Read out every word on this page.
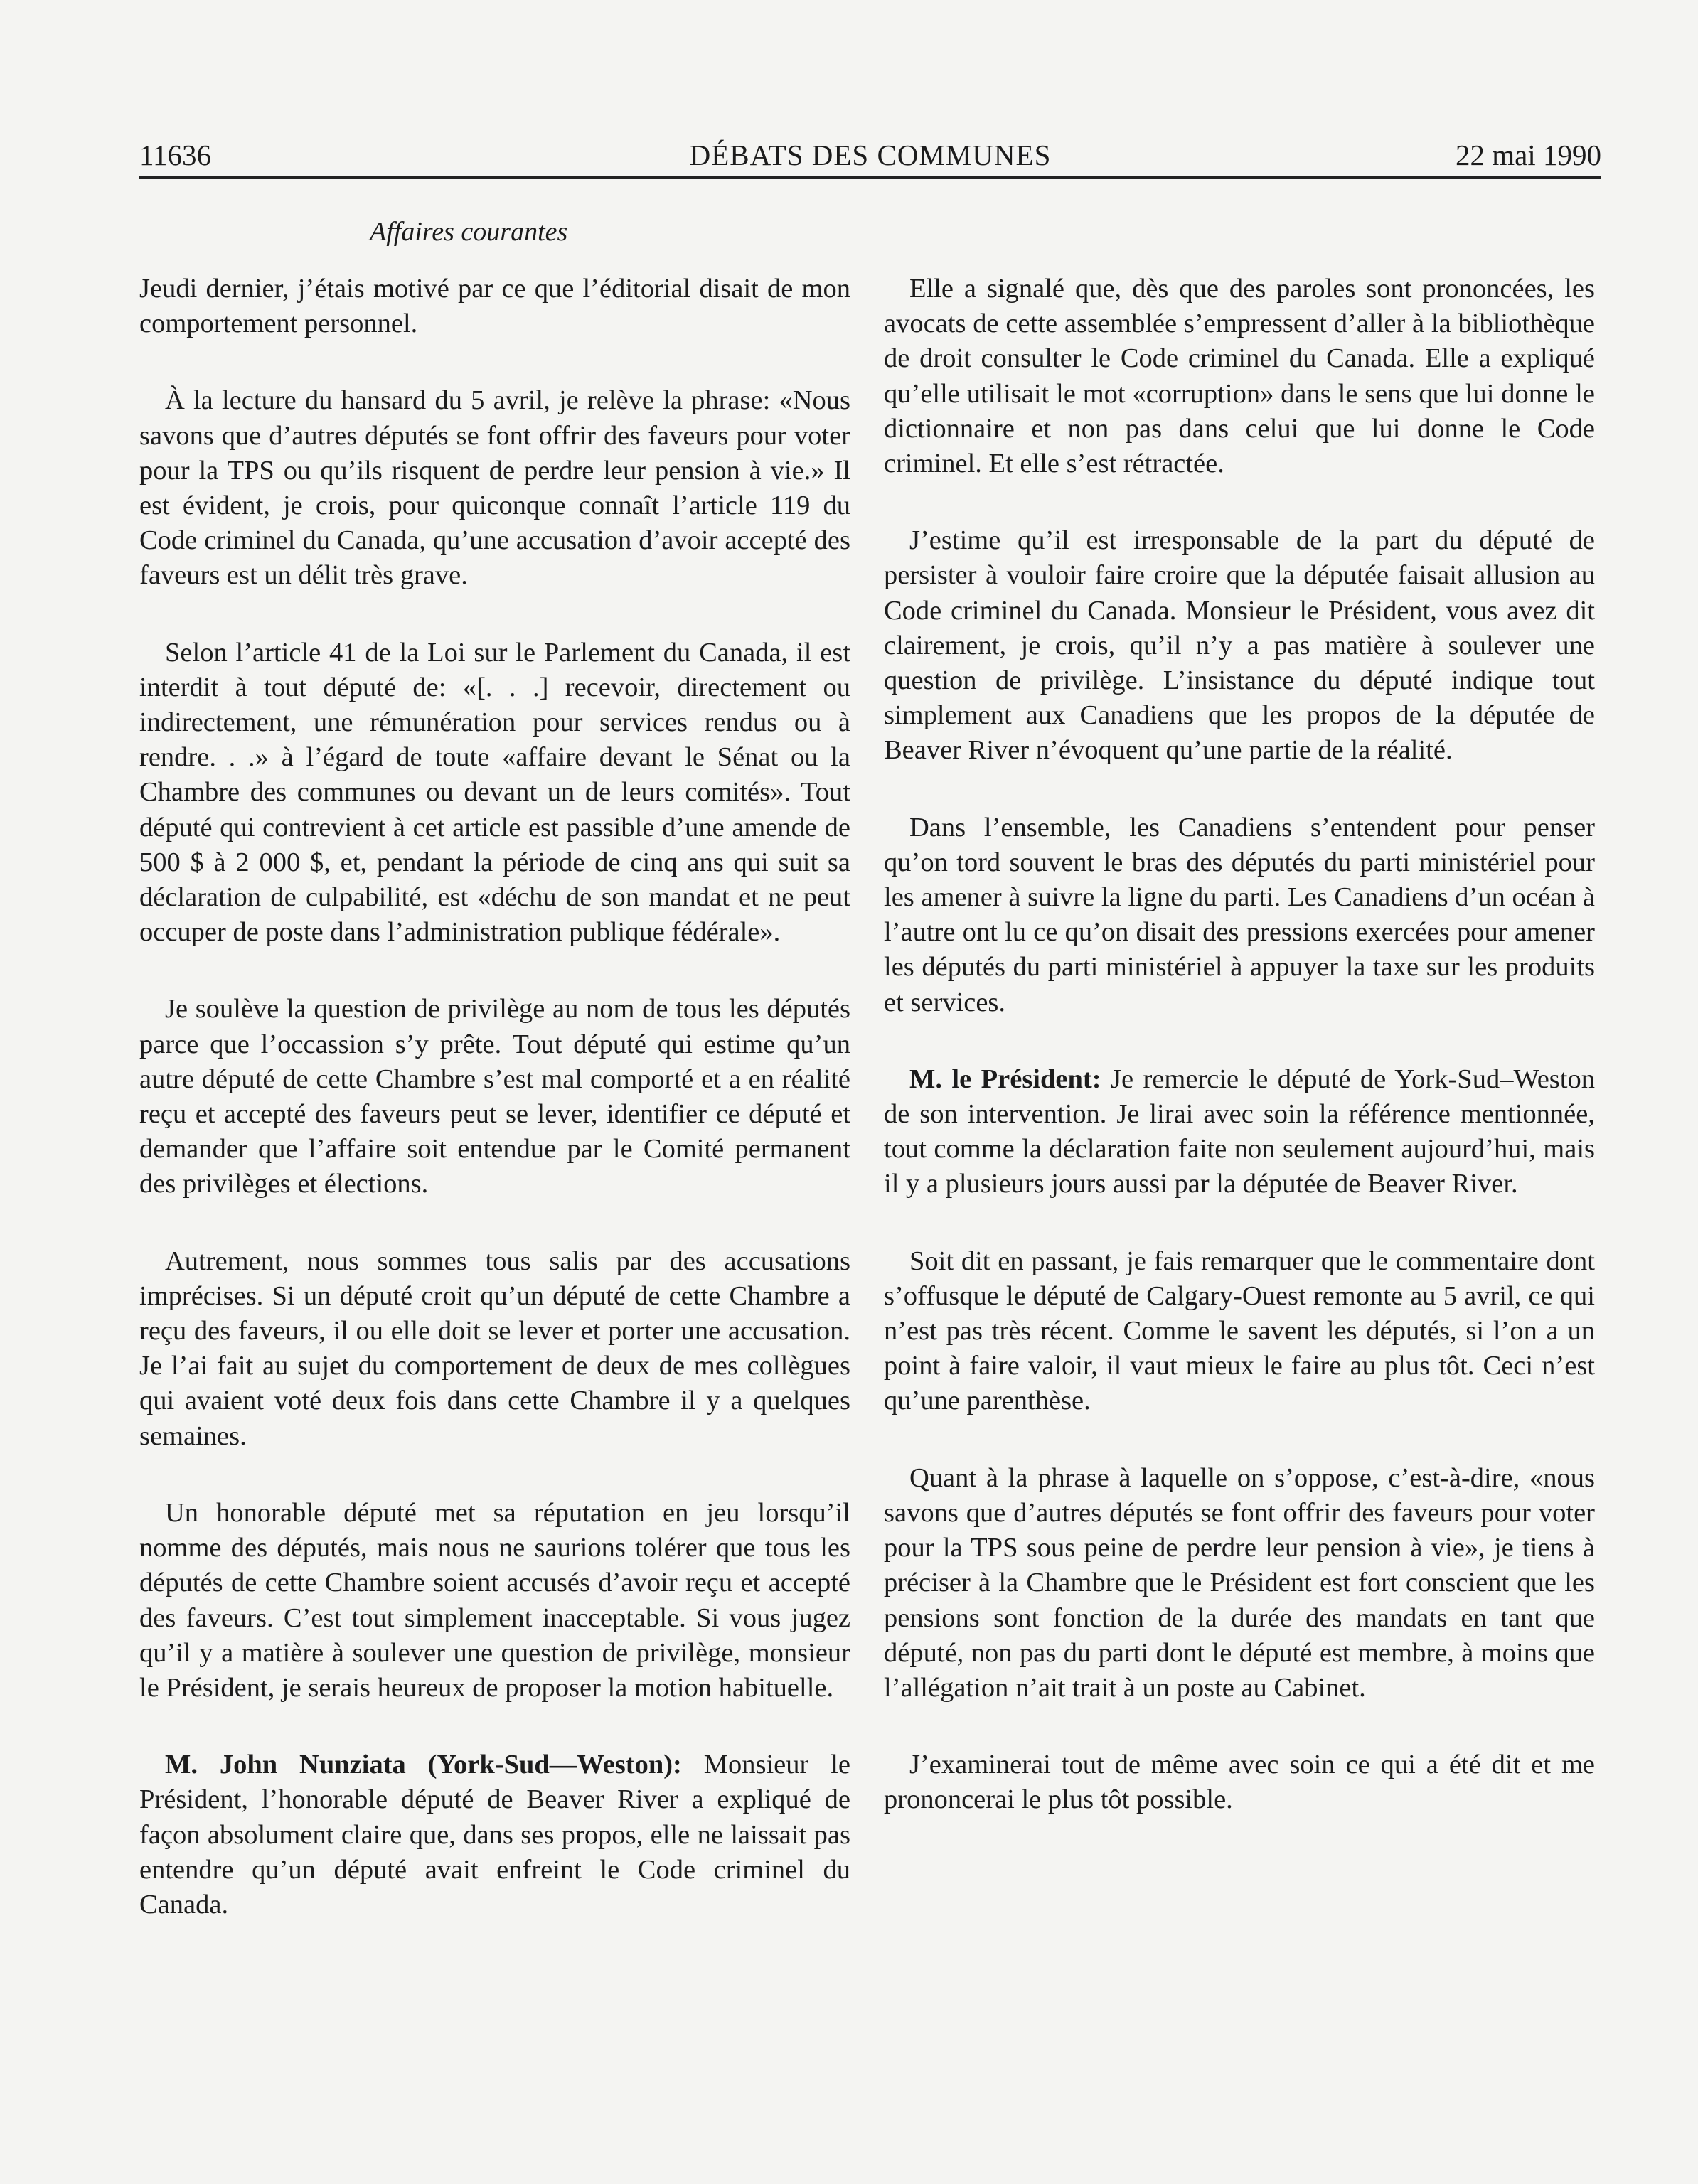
11636	DÉBATS DES COMMUNES	22 mai 1990
Affaires courantes

Jeudi dernier, j’étais motivé par ce que l’éditorial disait de mon comportement personnel.

À la lecture du hansard du 5 avril, je relève la phrase: «Nous savons que d’autres députés se font offrir des faveurs pour voter pour la TPS ou qu’ils risquent de perdre leur pension à vie.» Il est évident, je crois, pour quiconque connaît l’article 119 du Code criminel du Canada, qu’une accusation d’avoir accepté des faveurs est un délit très grave.

Selon l’article 41 de la Loi sur le Parlement du Canada, il est interdit à tout député de: «[. . .] recevoir, directement ou indirectement, une rémunération pour services rendus ou à rendre. . .» à l’égard de toute «affaire devant le Sénat ou la Chambre des communes ou devant un de leurs comités». Tout député qui contrevient à cet article est passible d’une amende de 500 $ à 2 000 $, et, pendant la période de cinq ans qui suit sa déclaration de culpabilité, est «déchu de son mandat et ne peut occuper de poste dans l’administration publique fédérale».

Je soulève la question de privilège au nom de tous les députés parce que l’occassion s’y prête. Tout député qui estime qu’un autre député de cette Chambre s’est mal comporté et a en réalité reçu et accepté des faveurs peut se lever, identifier ce député et demander que l’affaire soit entendue par le Comité permanent des privilèges et élections.

Autrement, nous sommes tous salis par des accusations imprécises. Si un député croit qu’un député de cette Chambre a reçu des faveurs, il ou elle doit se lever et porter une accusation. Je l’ai fait au sujet du comportement de deux de mes collègues qui avaient voté deux fois dans cette Chambre il y a quelques semaines.

Un honorable député met sa réputation en jeu lorsqu’il nomme des députés, mais nous ne saurions tolérer que tous les députés de cette Chambre soient accusés d’avoir reçu et accepté des faveurs. C’est tout simplement inacceptable. Si vous jugez qu’il y a matière à soulever une question de privilège, monsieur le Président, je serais heureux de proposer la motion habituelle.

M. John Nunziata (York-Sud—Weston): Monsieur le Président, l’honorable député de Beaver River a expliqué de façon absolument claire que, dans ses propos, elle ne laissait pas entendre qu’un député avait enfreint le Code criminel du Canada.

Elle a signalé que, dès que des paroles sont prononcées, les avocats de cette assemblée s’empressent d’aller à la bibliothèque de droit consulter le Code criminel du Canada. Elle a expliqué qu’elle utilisait le mot «corruption» dans le sens que lui donne le dictionnaire et non pas dans celui que lui donne le Code criminel. Et elle s’est rétractée.

J’estime qu’il est irresponsable de la part du député de persister à vouloir faire croire que la députée faisait allusion au Code criminel du Canada. Monsieur le Président, vous avez dit clairement, je crois, qu’il n’y a pas matière à soulever une question de privilège. L’insistance du député indique tout simplement aux Canadiens que les propos de la députée de Beaver River n’évoquent qu’une partie de la réalité.

Dans l’ensemble, les Canadiens s’entendent pour penser qu’on tord souvent le bras des députés du parti ministériel pour les amener à suivre la ligne du parti. Les Canadiens d’un océan à l’autre ont lu ce qu’on disait des pressions exercées pour amener les députés du parti ministériel à appuyer la taxe sur les produits et services.

M. le Président: Je remercie le député de York-Sud–Weston de son intervention. Je lirai avec soin la référence mentionnée, tout comme la déclaration faite non seulement aujourd’hui, mais il y a plusieurs jours aussi par la députée de Beaver River.

Soit dit en passant, je fais remarquer que le commentaire dont s’offusque le député de Calgary-Ouest remonte au 5 avril, ce qui n’est pas très récent. Comme le savent les députés, si l’on a un point à faire valoir, il vaut mieux le faire au plus tôt. Ceci n’est qu’une parenthèse.

Quant à la phrase à laquelle on s’oppose, c’est-à-dire, «nous savons que d’autres députés se font offrir des faveurs pour voter pour la TPS sous peine de perdre leur pension à vie», je tiens à préciser à la Chambre que le Président est fort conscient que les pensions sont fonction de la durée des mandats en tant que député, non pas du parti dont le député est membre, à moins que l’allégation n’ait trait à un poste au Cabinet.

J’examinerai tout de même avec soin ce qui a été dit et me prononcerai le plus tôt possible.
